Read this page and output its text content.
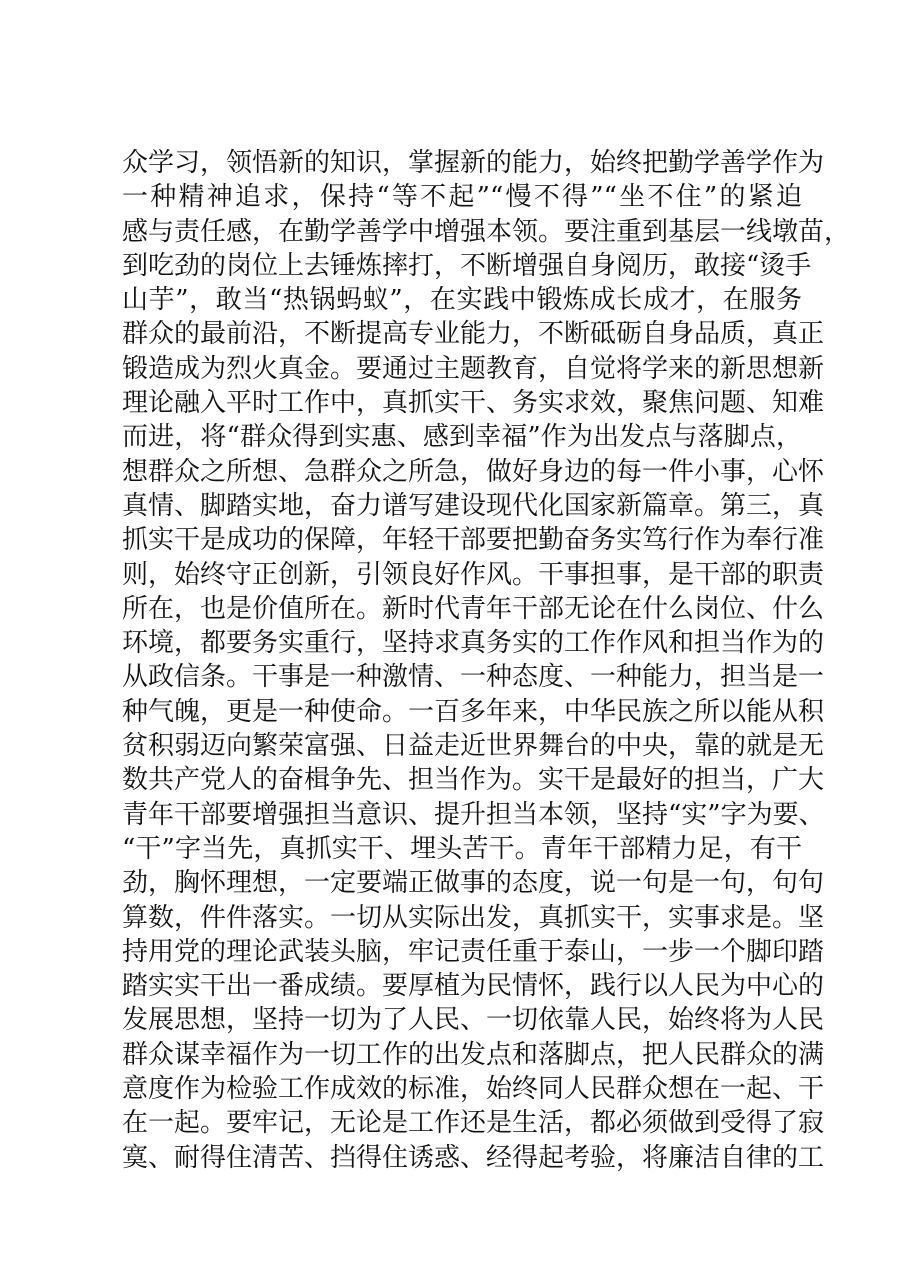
众学习，领悟新的知识，掌握新的能力，始终把勤学善学作为
一种精神追求，保持“等不起”“慢不得”“坐不住”的紧迫
感与责任感，在勤学善学中增强本领。要注重到基层一线墩苗，
到吃劲的岗位上去锤炼摔打，不断增强自身阅历，敢接“烫手
山芋”，敢当“热锅蚂蚁”，在实践中锻炼成长成才，在服务
群众的最前沿，不断提高专业能力，不断砥砺自身品质，真正
锻造成为烈火真金。要通过主题教育，自觉将学来的新思想新
理论融入平时工作中，真抓实干、务实求效，聚焦问题、知难
而进，将“群众得到实惠、感到幸福”作为出发点与落脚点，
想群众之所想、急群众之所急，做好身边的每一件小事，心怀
真情、脚踏实地，奋力谱写建设现代化国家新篇章。第三，真
抓实干是成功的保障，年轻干部要把勤奋务实笃行作为奉行准
则，始终守正创新，引领良好作风。干事担事，是干部的职责
所在，也是价值所在。新时代青年干部无论在什么岗位、什么
环境，都要务实重行，坚持求真务实的工作作风和担当作为的
从政信条。干事是一种激情、一种态度、一种能力，担当是一
种气魄，更是一种使命。一百多年来，中华民族之所以能从积
贫积弱迈向繁荣富强、日益走近世界舞台的中央，靠的就是无
数共产党人的奋楫争先、担当作为。实干是最好的担当，广大
青年干部要增强担当意识、提升担当本领，坚持“实”字为要、
“干”字当先，真抓实干、埋头苦干。青年干部精力足，有干
劲，胸怀理想，一定要端正做事的态度，说一句是一句，句句
算数，件件落实。一切从实际出发，真抓实干，实事求是。坚
持用党的理论武装头脑，牢记责任重于泰山，一步一个脚印踏
踏实实干出一番成绩。要厚植为民情怀，践行以人民为中心的
发展思想，坚持一切为了人民、一切依靠人民，始终将为人民
群众谋幸福作为一切工作的出发点和落脚点，把人民群众的满
意度作为检验工作成效的标准，始终同人民群众想在一起、干
在一起。要牢记，无论是工作还是生活，都必须做到受得了寂
寞、耐得住清苦、挡得住诱惑、经得起考验，将廉洁自律的工
